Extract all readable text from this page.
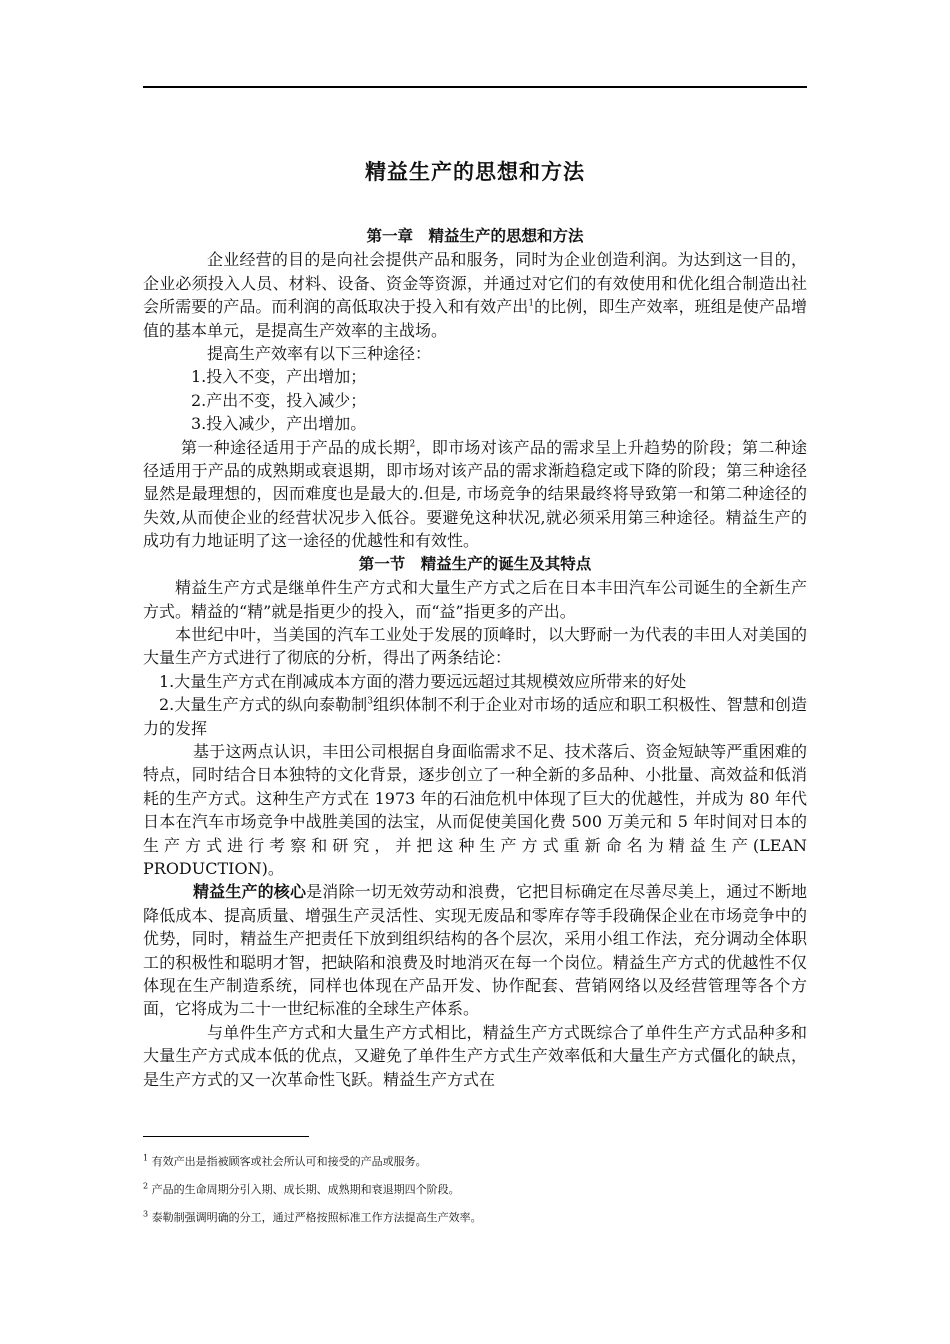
精益生产的思想和方法

第一章　精益生产的思想和方法

企业经营的目的是向社会提供产品和服务，同时为企业创造利润。为达到这一目的，企业必须投入人员、材料、设备、资金等资源，并通过对它们的有效使用和优化组合制造出社会所需要的产品。而利润的高低取决于投入和有效产出$^1$的比例，即生产效率，班组是使产品增值的基本单元，是提高生产效率的主战场。

提高生产效率有以下三种途径：

1.投入不变，产出增加；

2.产出不变，投入减少；

3.投入减少，产出增加。

第一种途径适用于产品的成长期$^2$，即市场对该产品的需求呈上升趋势的阶段；第二种途径适用于产品的成熟期或衰退期，即市场对该产品的需求渐趋稳定或下降的阶段；第三种途径显然是最理想的，因而难度也是最大的.但是, 市场竞争的结果最终将导致第一和第二种途径的失效,从而使企业的经营状况步入低谷。要避免这种状况,就必须采用第三种途径。精益生产的成功有力地证明了这一途径的优越性和有效性。

第一节　精益生产的诞生及其特点

精益生产方式是继单件生产方式和大量生产方式之后在日本丰田汽车公司诞生的全新生产方式。精益的“精”就是指更少的投入，而“益”指更多的产出。

本世纪中叶，当美国的汽车工业处于发展的顶峰时，以大野耐一为代表的丰田人对美国的大量生产方式进行了彻底的分析，得出了两条结论：

1.大量生产方式在削减成本方面的潜力要远远超过其规模效应所带来的好处

2.大量生产方式的纵向泰勒制$^3$组织体制不利于企业对市场的适应和职工积极性、智慧和创造力的发挥

基于这两点认识，丰田公司根据自身面临需求不足、技术落后、资金短缺等严重困难的特点，同时结合日本独特的文化背景，逐步创立了一种全新的多品种、小批量、高效益和低消耗的生产方式。这种生产方式在 1973 年的石油危机中体现了巨大的优越性，并成为 80 年代日本在汽车市场竞争中战胜美国的法宝，从而促使美国化费 500 万美元和 5 年时间对日本的生产方式进行考察和研究，并把这种生产方式重新命名为精益生产(LEAN PRODUCTION)。

精益生产的核心是消除一切无效劳动和浪费，它把目标确定在尽善尽美上，通过不断地降低成本、提高质量、增强生产灵活性、实现无废品和零库存等手段确保企业在市场竞争中的优势，同时，精益生产把责任下放到组织结构的各个层次，采用小组工作法，充分调动全体职工的积极性和聪明才智，把缺陷和浪费及时地消灭在每一个岗位。精益生产方式的优越性不仅体现在生产制造系统，同样也体现在产品开发、协作配套、营销网络以及经营管理等各个方面，它将成为二十一世纪标准的全球生产体系。

与单件生产方式和大量生产方式相比，精益生产方式既综合了单件生产方式品种多和大量生产方式成本低的优点，又避免了单件生产方式生产效率低和大量生产方式僵化的缺点，是生产方式的又一次革命性飞跃。精益生产方式在

$^1$ 有效产出是指被顾客或社会所认可和接受的产品或服务。

$^2$ 产品的生命周期分引入期、成长期、成熟期和衰退期四个阶段。

$^3$ 泰勒制强调明确的分工，通过严格按照标准工作方法提高生产效率。
